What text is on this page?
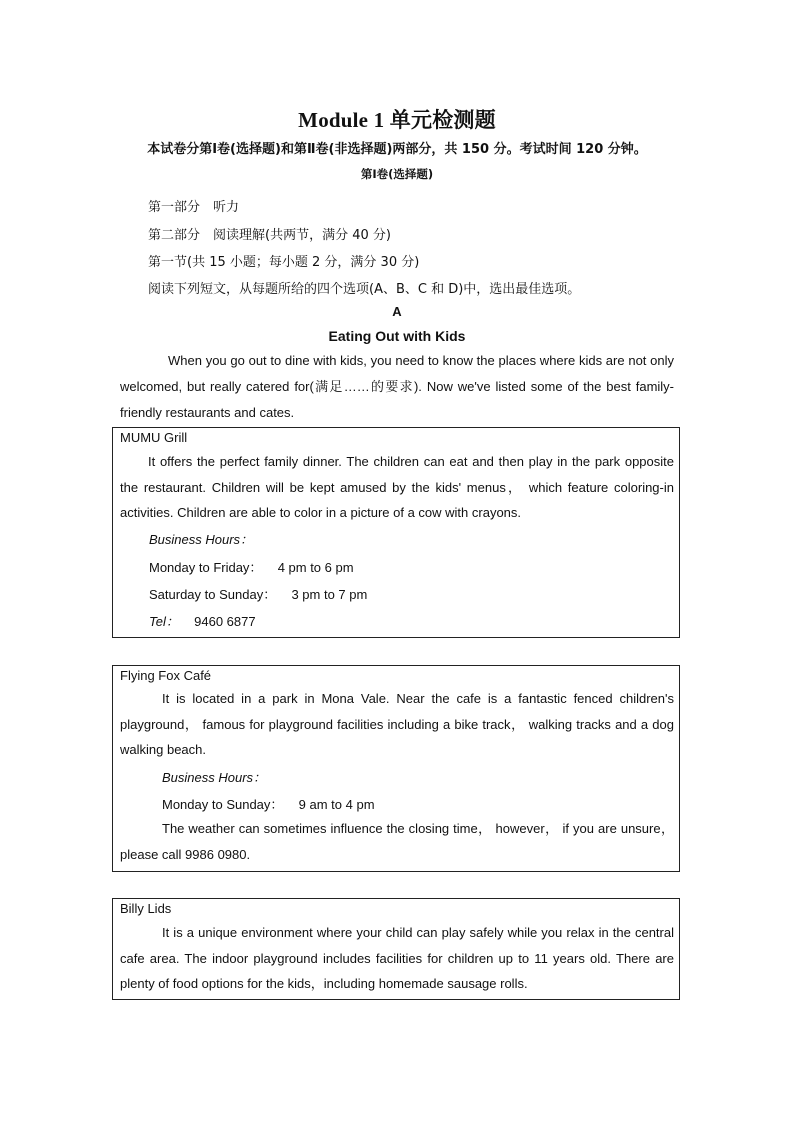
Module 1 单元检测题
本试卷分第Ⅰ卷(选择题)和第Ⅱ卷(非选择题)两部分，共 150 分。考试时间 120 分钟。
第Ⅰ卷(选择题)
第一部分　听力
第二部分　阅读理解(共两节，满分 40 分)
第一节(共 15 小题；每小题 2 分，满分 30 分)
阅读下列短文，从每题所给的四个选项(A、B、C 和 D)中，选出最佳选项。
A
Eating Out with Kids
When you go out to dine with kids, you need to know the places where kids are not only welcomed, but really catered for(满足……的要求). Now we've listed some of the best family-friendly restaurants and cates.
MUMU Grill
It offers the perfect family dinner. The children can eat and then play in the park opposite the restaurant. Children will be kept amused by the kids' menus， which feature coloring-in activities. Children are able to color in a picture of a cow with crayons.
Business Hours：
Monday to Friday： 4 pm to 6 pm
Saturday to Sunday： 3 pm to 7 pm
Tel： 9460 6877
Flying Fox Café
It is located in a park in Mona Vale. Near the cafe is a fantastic fenced children's playground， famous for playground facilities including a bike track， walking tracks and a dog walking beach.
Business Hours：
Monday to Sunday： 9 am to 4 pm
The weather can sometimes influence the closing time， however， if you are unsure，please call 9986 0980.
Billy Lids
It is a unique environment where your child can play safely while you relax in the central cafe area. The indoor playground includes facilities for children up to 11 years old. There are plenty of food options for the kids，including homemade sausage rolls.
